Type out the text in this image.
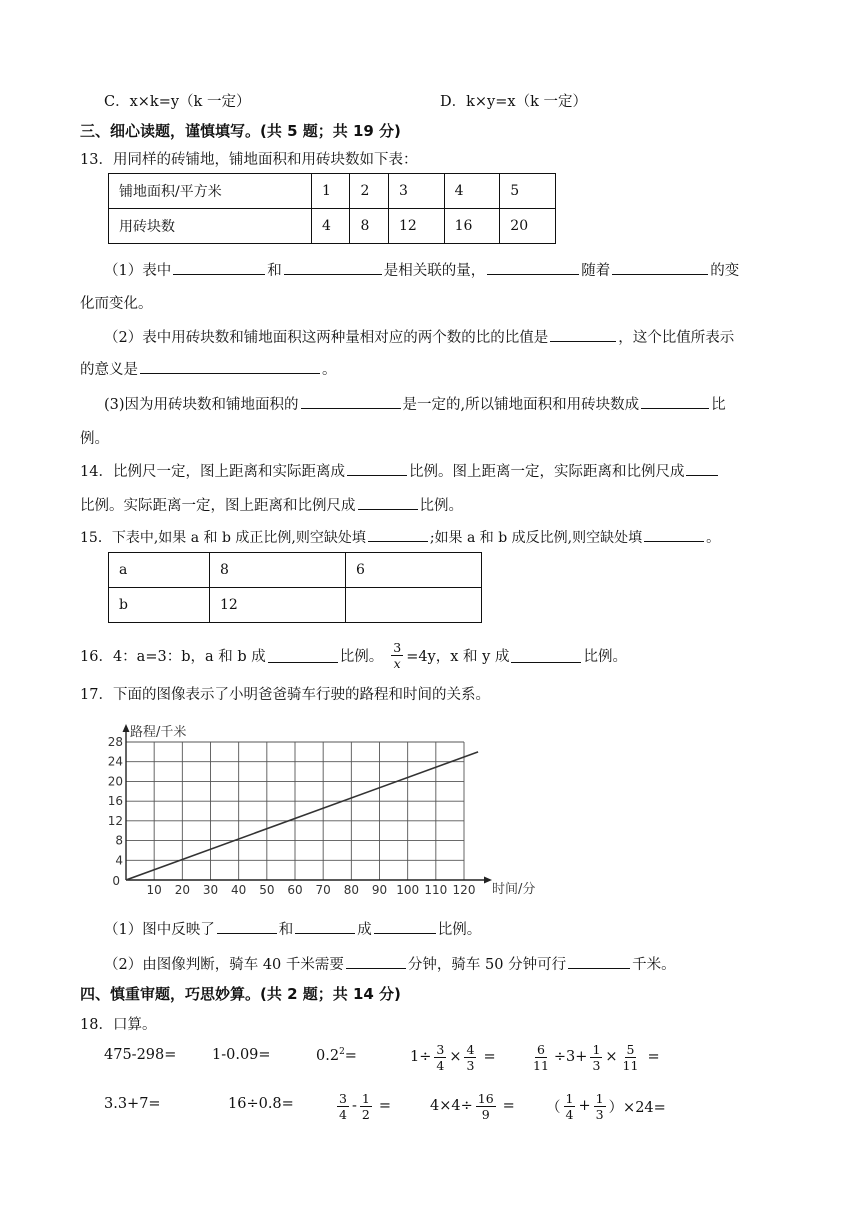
C．x×k=y（k 一定）	D．k×y=x（k 一定）
三、细心读题，谨慎填写。(共 5 题；共 19 分)
13．用同样的砖铺地，铺地面积和用砖块数如下表：
铺地面积/平方米	1	2	3	4	5
用砖块数	4	8	12	16	20
（1）表中	和	是相关联的量，	随着	的变
化而变化。
（2）表中用砖块数和铺地面积这两种量相对应的两个数的比的比值是	，这个比值所表示
的意义是	。
(3)因为用砖块数和铺地面积的	是一定的,所以铺地面积和用砖块数成	比
例。
14．比例尺一定，图上距离和实际距离成	比例。图上距离一定，实际距离和比例尺成
比例。实际距离一定，图上距离和比例尺成	比例。
15．下表中,如果 a 和 b 成正比例,则空缺处填	;如果 a 和 b 成反比例,则空缺处填	。
a	8	6
b	12	
16．4：a=3：b，a 和 b 成	比例。 $\frac{3}{x} =4y$，x 和 y 成	比例。
17．下面的图像表示了小明爸爸骑车行驶的路程和时间的关系。
10 20 30 40 50 60 70 80 90 100 110 120
4
8
12
16
20
24
28
0
路程/千米
时间/分
（1）图中反映了	和	成	比例。
（2）由图像判断，骑车 40 千米需要	分钟，骑车 50 分钟可行	千米。
四、慎重审题，巧思妙算。(共 2 题；共 14 分)
18．口算。
475-298= 1-0.09=	$0.2^2=$	$1\div \frac{3}{4} \times \frac{4}{3}$ =	$\frac{6}{11} \div 3+ \frac{1}{3} \times \frac{5}{11}$ =
3.3+7=	16÷0.8=	$\frac{3}{4} - \frac{1}{2}$ =	$4\times 4\div \frac{16}{9}$ = （ $\frac{1}{4} + \frac{1}{3} )\times 24=$
